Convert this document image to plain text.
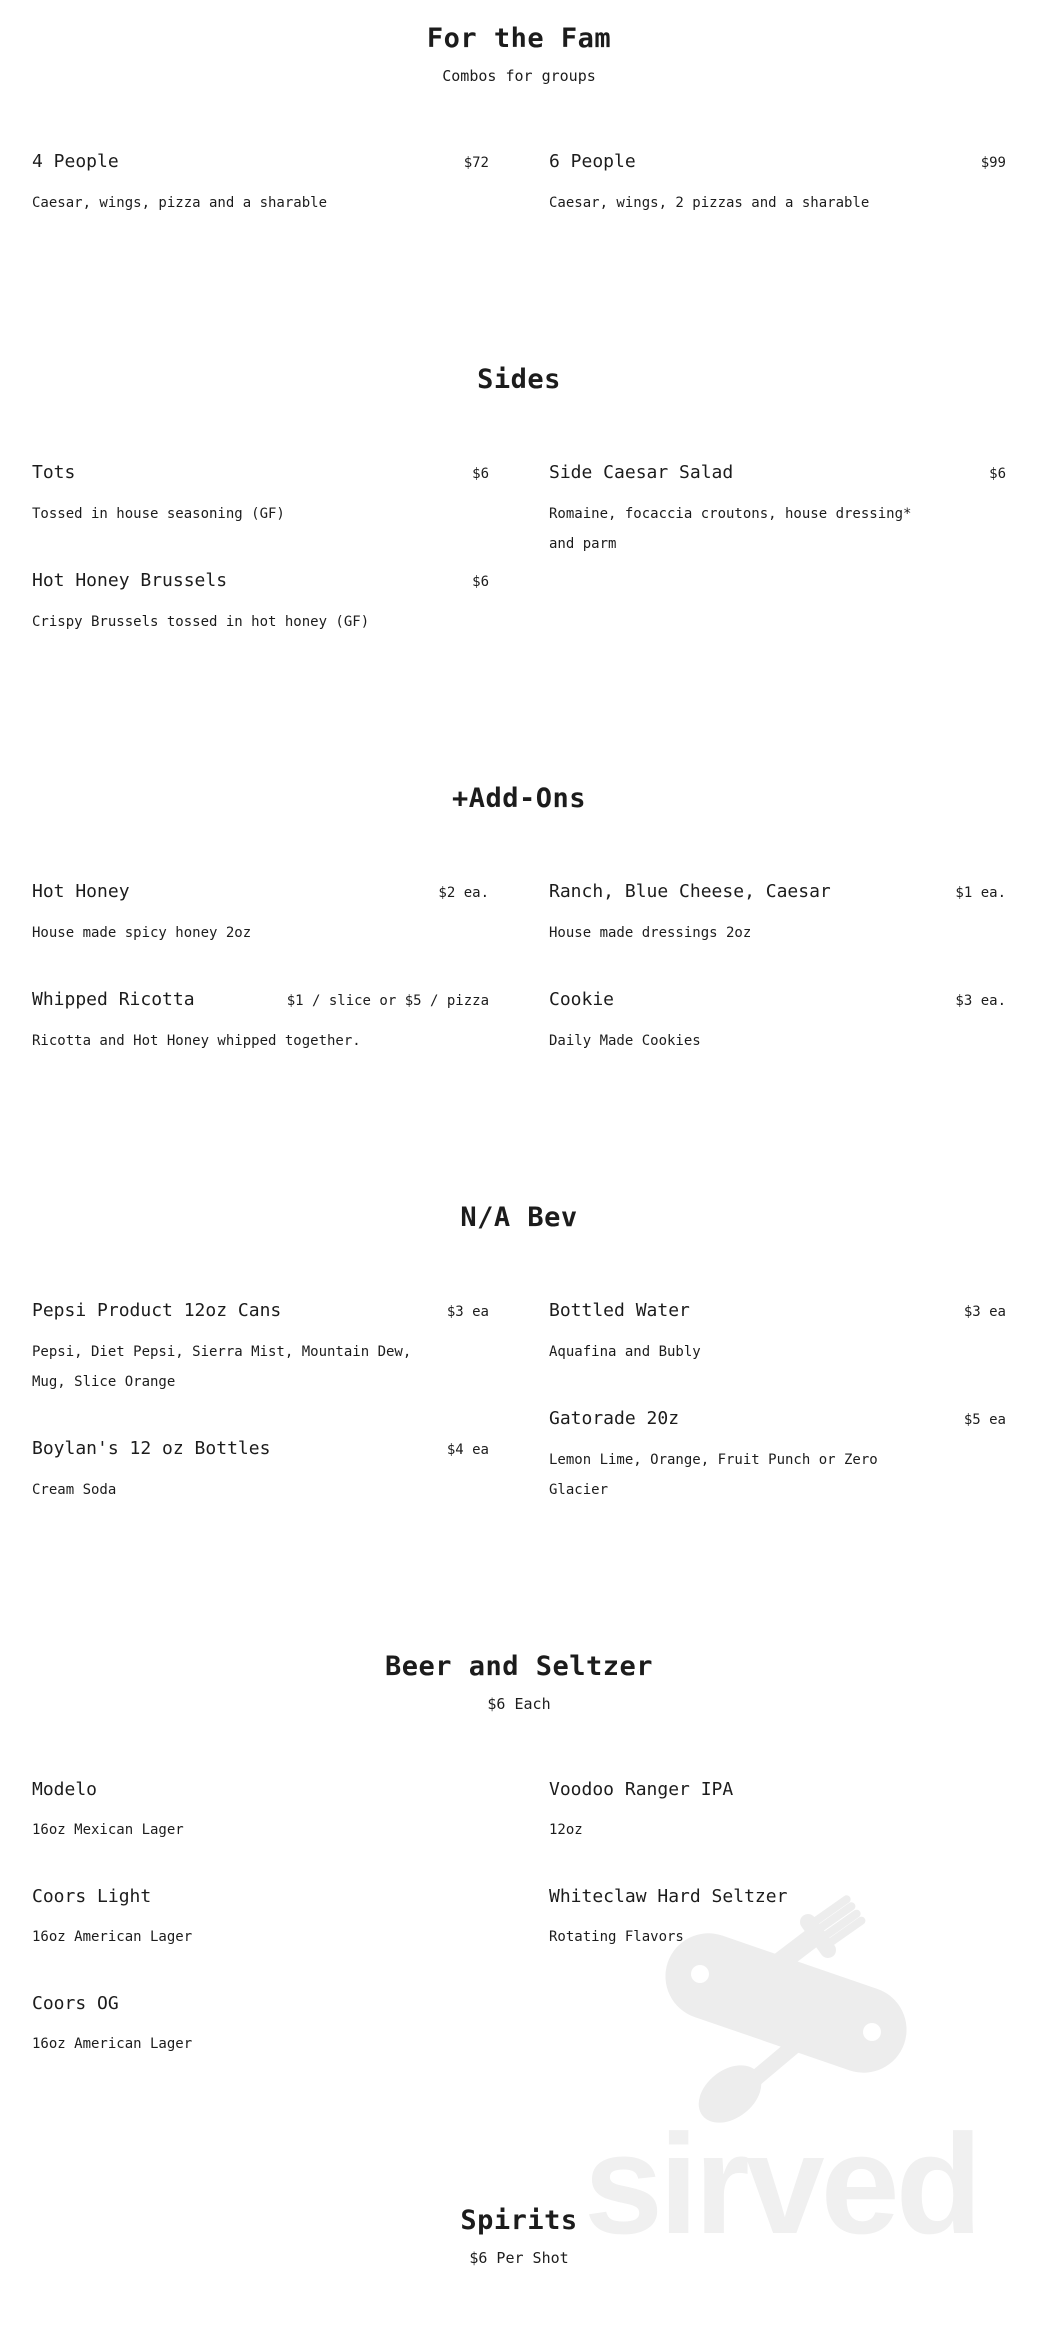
sirved
For the Fam
Combos for groups
4 People	$72

Caesar, wings, pizza and a sharable

6 People	$99

Caesar, wings, 2 pizzas and a sharable

Sides
Tots	$6

Tossed in house seasoning (GF)

Hot Honey Brussels	$6

Crispy Brussels tossed in hot honey (GF)

Side Caesar Salad	$6

Romaine, focaccia croutons, house dressing* and parm

+Add-Ons
Hot Honey	$2 ea.

House made spicy honey 2oz

Whipped Ricotta	$1 / slice or $5 / pizza

Ricotta and Hot Honey whipped together.

Ranch, Blue Cheese, Caesar	$1 ea.

House made dressings 2oz

Cookie	$3 ea.

Daily Made Cookies

N/A Bev
Pepsi Product 12oz Cans	$3 ea

Pepsi, Diet Pepsi, Sierra Mist, Mountain Dew, Mug, Slice Orange

Boylan's 12 oz Bottles	$4 ea

Cream Soda

Bottled Water	$3 ea

Aquafina and Bubly

Gatorade 20z	$5 ea

Lemon Lime, Orange, Fruit Punch or Zero Glacier

Beer and Seltzer
$6 Each
Modelo

16oz Mexican Lager

Coors Light

16oz American Lager

Coors OG

16oz American Lager

Voodoo Ranger IPA

12oz

Whiteclaw Hard Seltzer

Rotating Flavors

Spirits
$6 Per Shot
